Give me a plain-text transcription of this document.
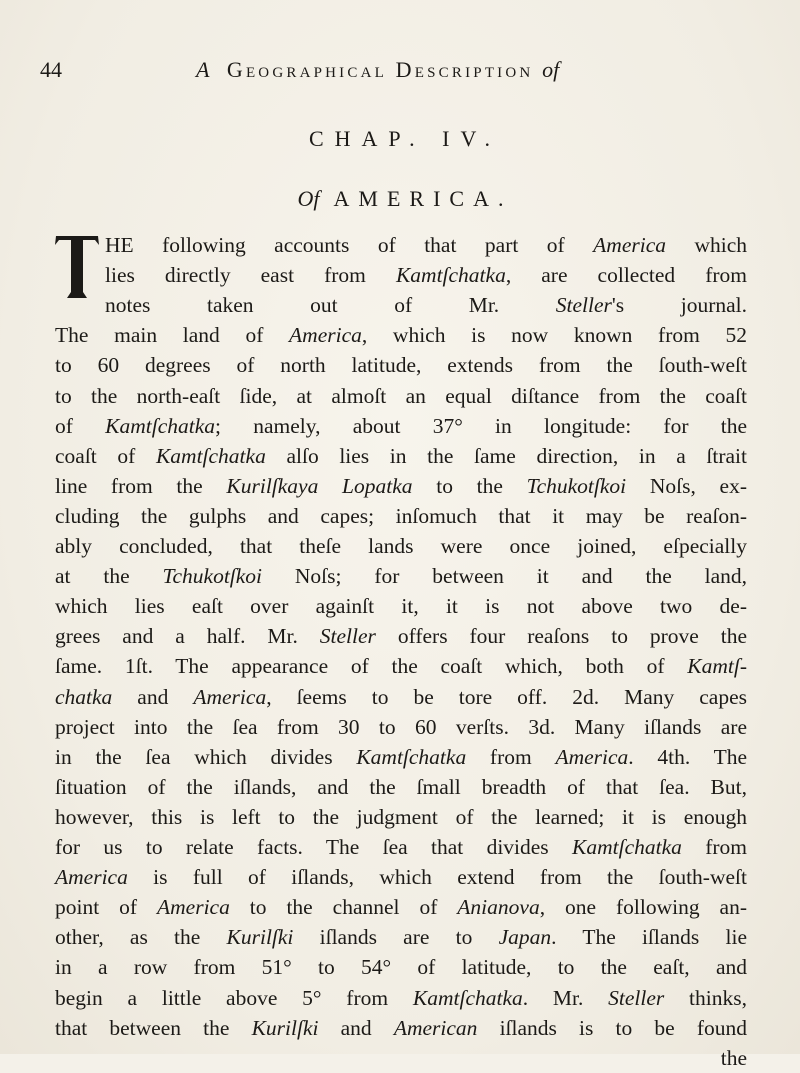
44	A Geographical Description of
CHAP. IV.
Of AMERICA.
HE following accounts of that part of America which
lies directly east from Kamtſchatka, are collected from
notes taken out of Mr. Steller's journal.
The main land of America, which is now known from 52
to 60 degrees of north latitude, extends from the ſouth-weſt
to the north-eaſt ſide, at almoſt an equal diſtance from the coaſt
of Kamtſchatka; namely, about 37° in longitude: for the
coaſt of Kamtſchatka alſo lies in the ſame direction, in a ſtrait
line from the Kurilſkaya Lopatka to the Tchukotſkoi Noſs, ex-
cluding the gulphs and capes; inſomuch that it may be reaſon-
ably concluded, that theſe lands were once joined, eſpecially
at the Tchukotſkoi Noſs; for between it and the land,
which lies eaſt over againſt it, it is not above two de-
grees and a half. Mr. Steller offers four reaſons to prove the
ſame. 1ſt. The appearance of the coaſt which, both of Kamtſ-
chatka and America, ſeems to be tore off. 2d. Many capes
project into the ſea from 30 to 60 verſts. 3d. Many iſlands are
in the ſea which divides Kamtſchatka from America. 4th. The
ſituation of the iſlands, and the ſmall breadth of that ſea. But,
however, this is left to the judgment of the learned; it is enough
for us to relate facts. The ſea that divides Kamtſchatka from
America is full of iſlands, which extend from the ſouth-weſt
point of America to the channel of Anianova, one following an-
other, as the Kurilſki iſlands are to Japan. The iſlands lie
in a row from 51° to 54° of latitude, to the eaſt, and
begin a little above 5° from Kamtſchatka. Mr. Steller thinks,
that between the Kurilſki and American iſlands is to be found
the
